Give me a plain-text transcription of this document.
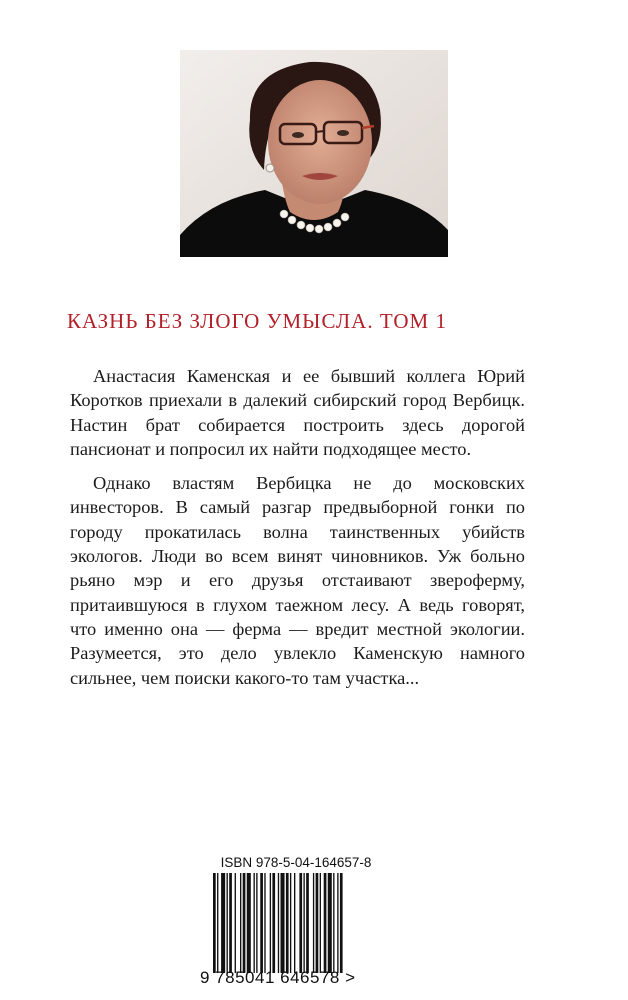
КАЗНЬ БЕЗ ЗЛОГО УМЫСЛА. ТОМ 1

Анастасия Каменская и ее бывший коллега Юрий Коротков приехали в далекий сибирский город Вербицк. Настин брат собирается построить здесь дорогой пансионат и попросил их найти подходящее место.

Однако властям Вербицка не до московских инвесторов. В самый разгар предвыборной гонки по городу прокатилась волна таинственных убийств экологов. Люди во всем винят чиновников. Уж больно рьяно мэр и его друзья отстаивают звероферму, притаившуюся в глухом таежном лесу. А ведь говорят, что именно она — ферма — вредит местной экологии. Разумеется, это дело увлекло Каменскую намного сильнее, чем поиски какого-то там участка...

ISBN 978-5-04-164657-8
9 785041 646578 >
